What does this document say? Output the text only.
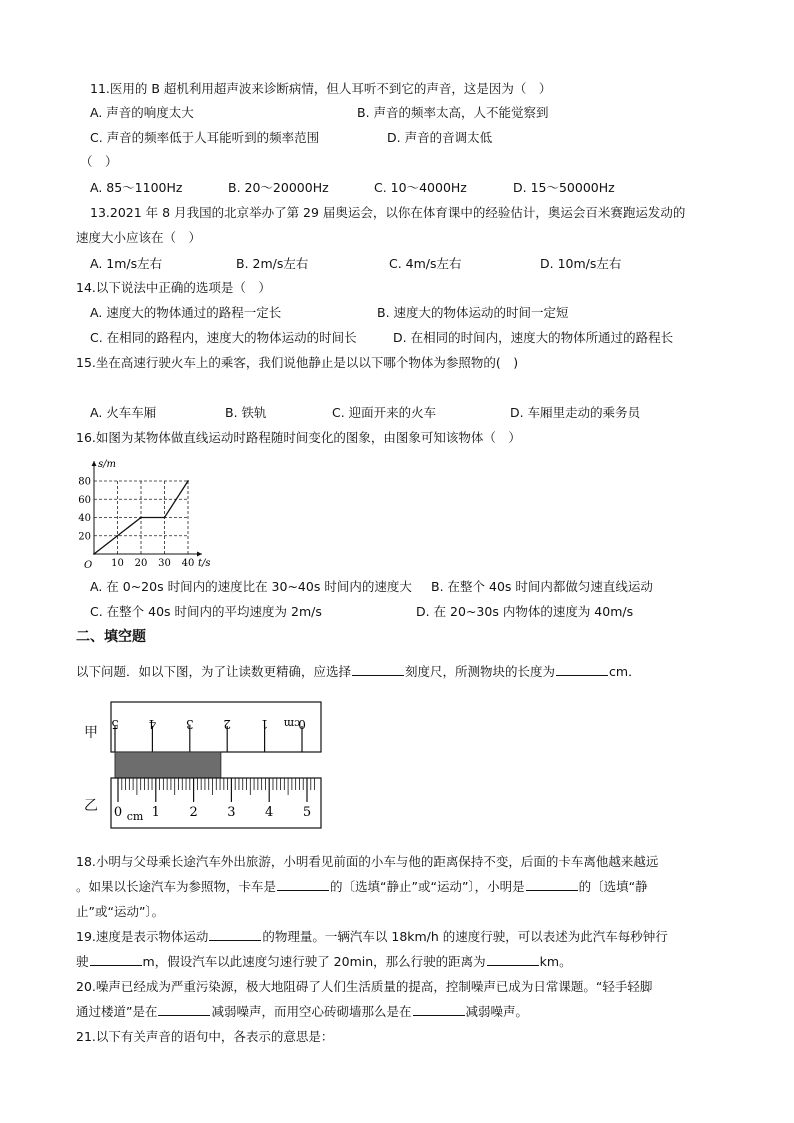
11.医用的 B 超机利用超声波来诊断病情，但人耳听不到它的声音，这是因为（　）
A. 声音的响度太大	B. 声音的频率太高，人不能觉察到
C. 声音的频率低于人耳能听到的频率范围	D. 声音的音调太低
（　）
A. 85～1100Hz	B. 20～20000Hz	C. 10～4000Hz	D. 15～50000Hz
13.2021 年 8 月我国的北京举办了第 29 届奥运会，以你在体育课中的经验估计，奥运会百米赛跑运发动的
速度大小应该在（　）
A. 1m/s左右	B. 2m/s左右	C. 4m/s左右	D. 10m/s左右
14.以下说法中正确的选项是（　）
A. 速度大的物体通过的路程一定长	B. 速度大的物体运动的时间一定短
C. 在相同的路程内，速度大的物体运动的时间长	D. 在相同的时间内，速度大的物体所通过的路程长
15.坐在高速行驶火车上的乘客，我们说他静止是以以下哪个物体为参照物的(　)
A. 火车车厢	B. 铁轨	C. 迎面开来的火车	D. 车厢里走动的乘务员
16.如图为某物体做直线运动时路程随时间变化的图象，由图象可知该物体（　）
10 20 30 40
20
40
60
80
O	t/s
s/m
A. 在 0~20s 时间内的速度比在 30~40s 时间内的速度大 B. 在整个 40s 时间内都做匀速直线运动
C. 在整个 40s 时间内的平均速度为 2m/s	D. 在 20~30s 内物体的速度为 40m/s
二、填空题
以下问题．如以下图，为了让读数更精确，应选择	刻度尺，所测物块的长度为	cm．
甲
乙
0
1
2
3
4
5	cm
0 1 2 3 4 5
cm
18.小明与父母乘长途汽车外出旅游，小明看见前面的小车与他的距离保持不变，后面的卡车离他越来越远
。如果以长途汽车为参照物，卡车是	的〔选填“静止”或“运动”〕，小明是	的〔选填“静
止”或“运动”〕。
19.速度是表示物体运动	的物理量。一辆汽车以 18km/h 的速度行驶，可以表述为此汽车每秒钟行
驶	m，假设汽车以此速度匀速行驶了 20min，那么行驶的距离为	km。
20.噪声已经成为严重污染源，极大地阻碍了人们生活质量的提高，控制噪声已成为日常课题。“轻手轻脚
通过楼道”是在	减弱噪声，而用空心砖砌墙那么是在	减弱噪声。
21.以下有关声音的语句中，各表示的意思是：
